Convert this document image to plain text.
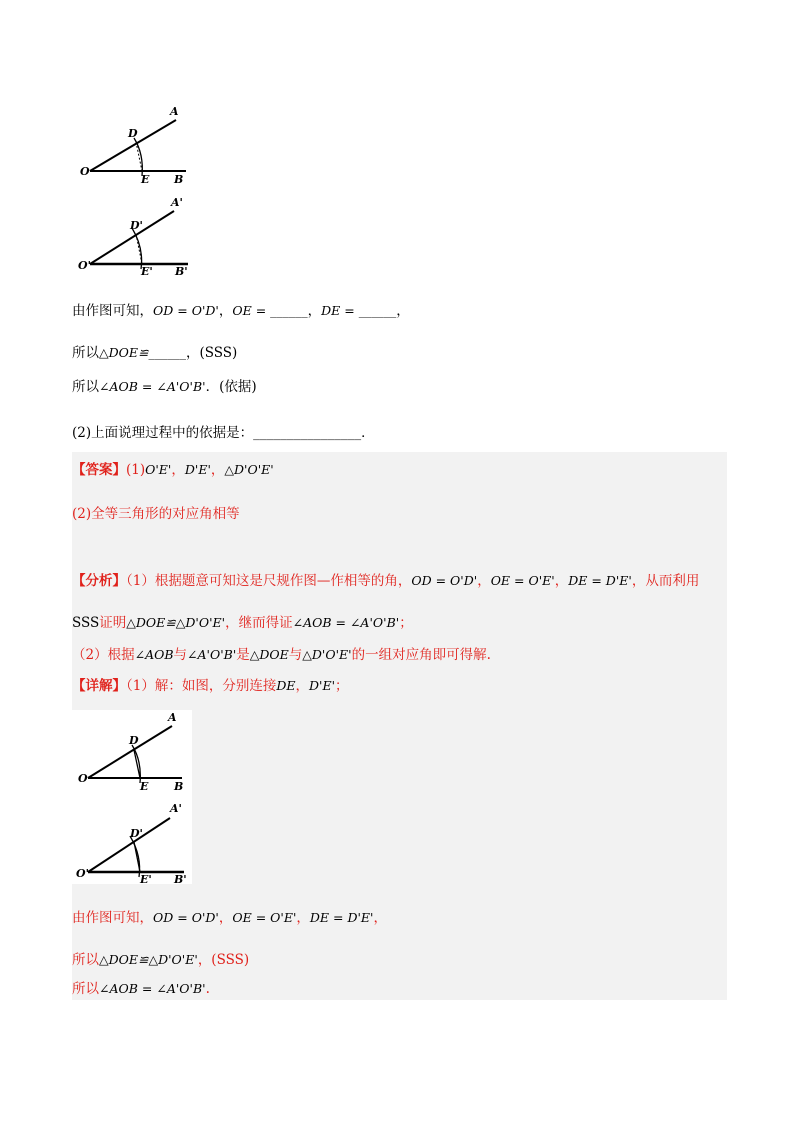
A
D
O
E B
A'
D'
O'	E' B'
由作图可知，OD = O'D'，OE = ______，DE = ______，
所以△DOE≌______，(SSS)
所以∠AOB = ∠A'O'B'．(依据)
(2)上面说理过程中的依据是：________________．
【答案】(1)O'E'，D'E'，△D'O'E'
(2)全等三角形的对应角相等
【分析】（1）根据题意可知这是尺规作图—作相等的角，OD = O'D'，OE = O'E'，DE = D'E'，从而利用
SSS证明△DOE≌△D'O'E'，继而得证∠AOB = ∠A'O'B'；
（2）根据∠AOB与∠A'O'B'是△DOE与△D'O'E'的一组对应角即可得解.
【详解】（1）解：如图，分别连接DE，D'E'；
A
D
O
E B
A'
D'
O'	E' B'
由作图可知，OD = O'D'，OE = O'E'，DE = D'E'，
所以△DOE≌△D'O'E'，(SSS)
所以∠AOB = ∠A'O'B'.
